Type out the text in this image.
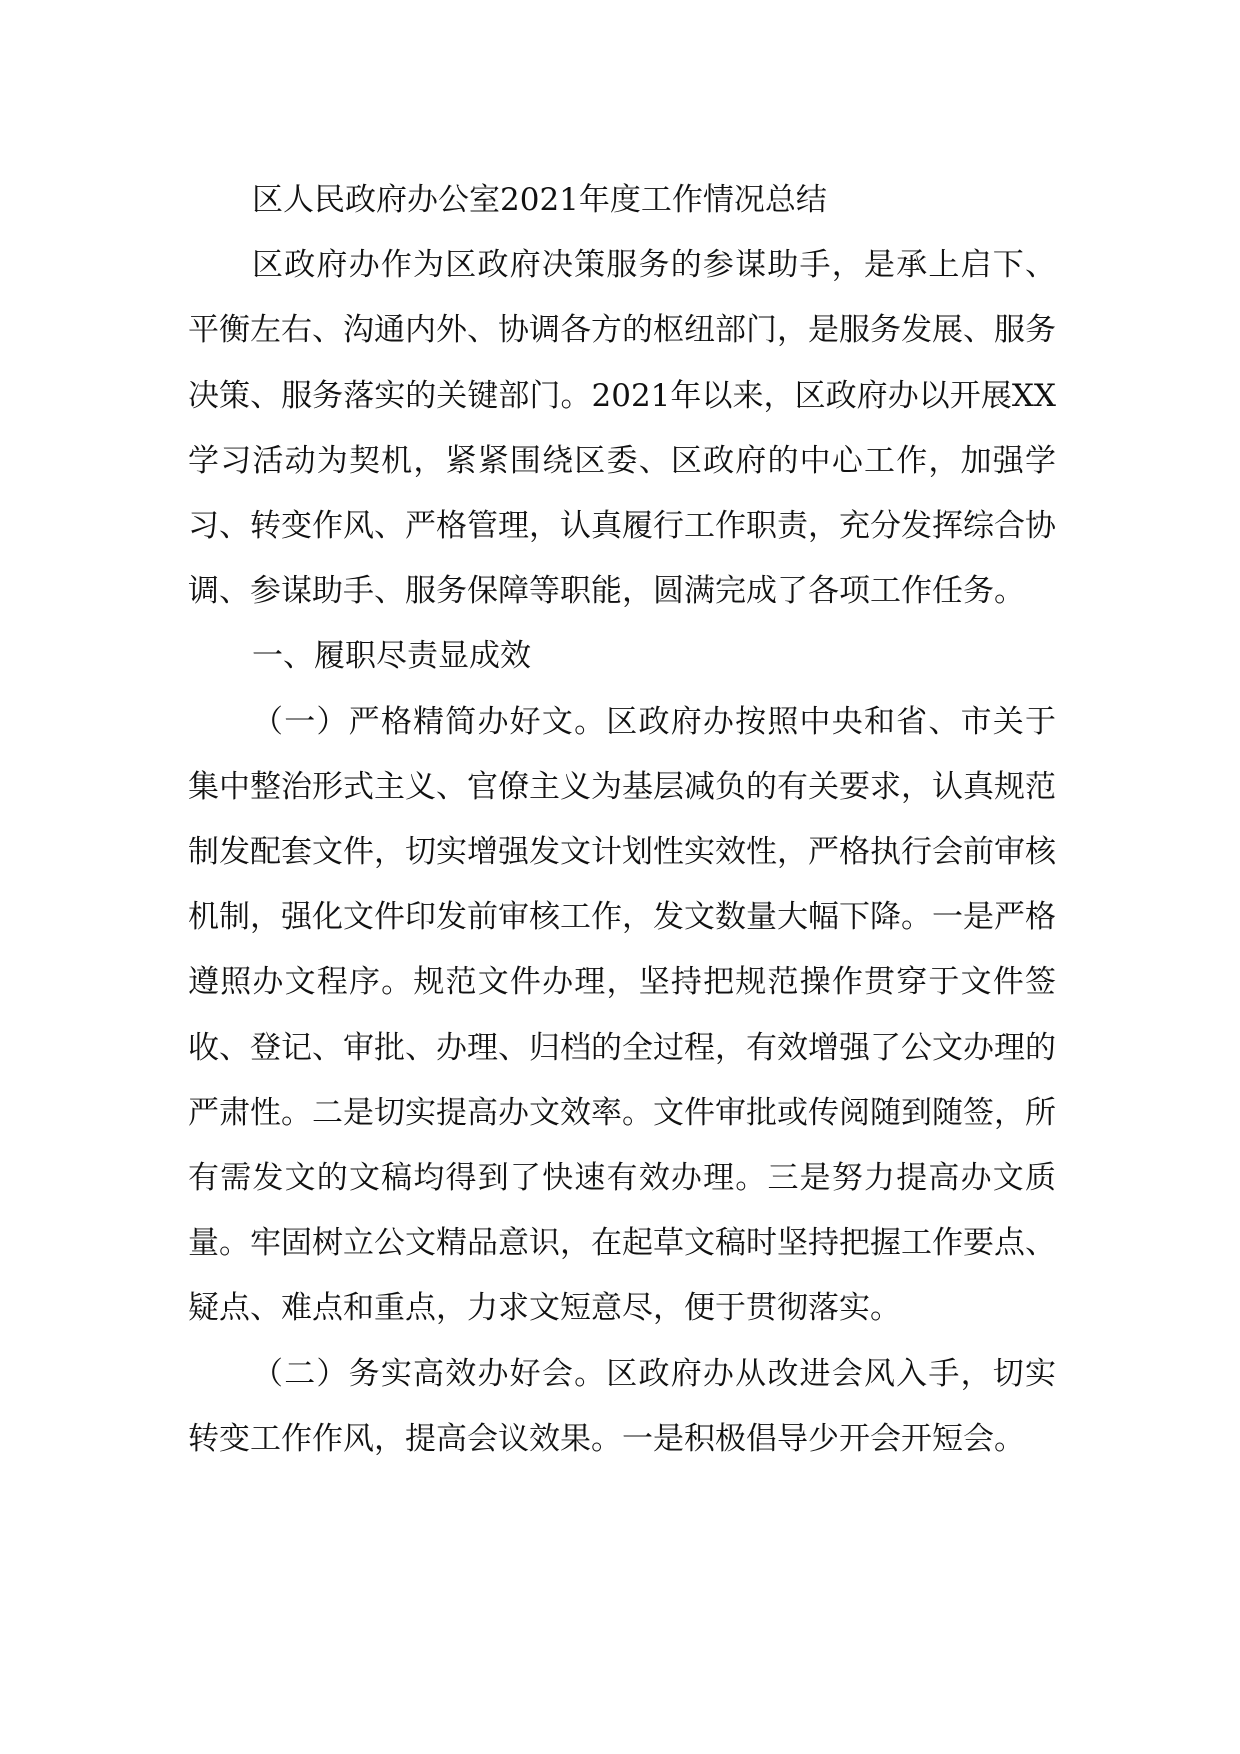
区人民政府办公室2021年度工作情况总结

区政府办作为区政府决策服务的参谋助手，是承上启下、平衡左右、沟通内外、协调各方的枢纽部门，是服务发展、服务决策、服务落实的关键部门。2021年以来，区政府办以开展XX学习活动为契机，紧紧围绕区委、区政府的中心工作，加强学习、转变作风、严格管理，认真履行工作职责，充分发挥综合协调、参谋助手、服务保障等职能，圆满完成了各项工作任务。

一、履职尽责显成效

（一）严格精简办好文。区政府办按照中央和省、市关于集中整治形式主义、官僚主义为基层减负的有关要求，认真规范制发配套文件，切实增强发文计划性实效性，严格执行会前审核机制，强化文件印发前审核工作，发文数量大幅下降。一是严格遵照办文程序。规范文件办理，坚持把规范操作贯穿于文件签收、登记、审批、办理、归档的全过程，有效增强了公文办理的严肃性。二是切实提高办文效率。文件审批或传阅随到随签，所有需发文的文稿均得到了快速有效办理。三是努力提高办文质量。牢固树立公文精品意识，在起草文稿时坚持把握工作要点、疑点、难点和重点，力求文短意尽，便于贯彻落实。

（二）务实高效办好会。区政府办从改进会风入手，切实转变工作作风，提高会议效果。一是积极倡导少开会开短会。
